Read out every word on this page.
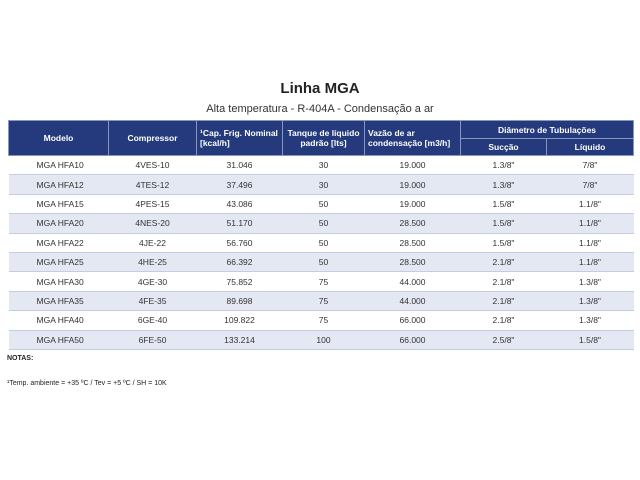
Linha MGA
Alta temperatura - R-404A - Condensação a ar
Modelo	Compressor	¹Cap. Frig. Nominal [kcal/h]	Tanque de líquido padrão [lts]	Vazão de ar condensação [m3/h]	Diâmetro de Tubulações	
					Sucção	Líquido
MGA HFA10	4VES-10	31.046	30	19.000	1.3/8"	7/8"
MGA HFA12	4TES-12	37.496	30	19.000	1.3/8"	7/8"
MGA HFA15	4PES-15	43.086	50	19.000	1.5/8"	1.1/8"
MGA HFA20	4NES-20	51.170	50	28.500	1.5/8"	1.1/8"
MGA HFA22	4JE-22	56.760	50	28.500	1.5/8"	1.1/8"
MGA HFA25	4HE-25	66.392	50	28.500	2.1/8"	1.1/8"
MGA HFA30	4GE-30	75.852	75	44.000	2.1/8"	1.3/8"
MGA HFA35	4FE-35	89.698	75	44.000	2.1/8"	1.3/8"
MGA HFA40	6GE-40	109.822	75	66.000	2.1/8"	1.3/8"
MGA HFA50	6FE-50	133.214	100	66.000	2.5/8"	1.5/8"
NOTAS:
¹Temp. ambiente = +35 ºC / Tev = +5 ºC / SH = 10K
